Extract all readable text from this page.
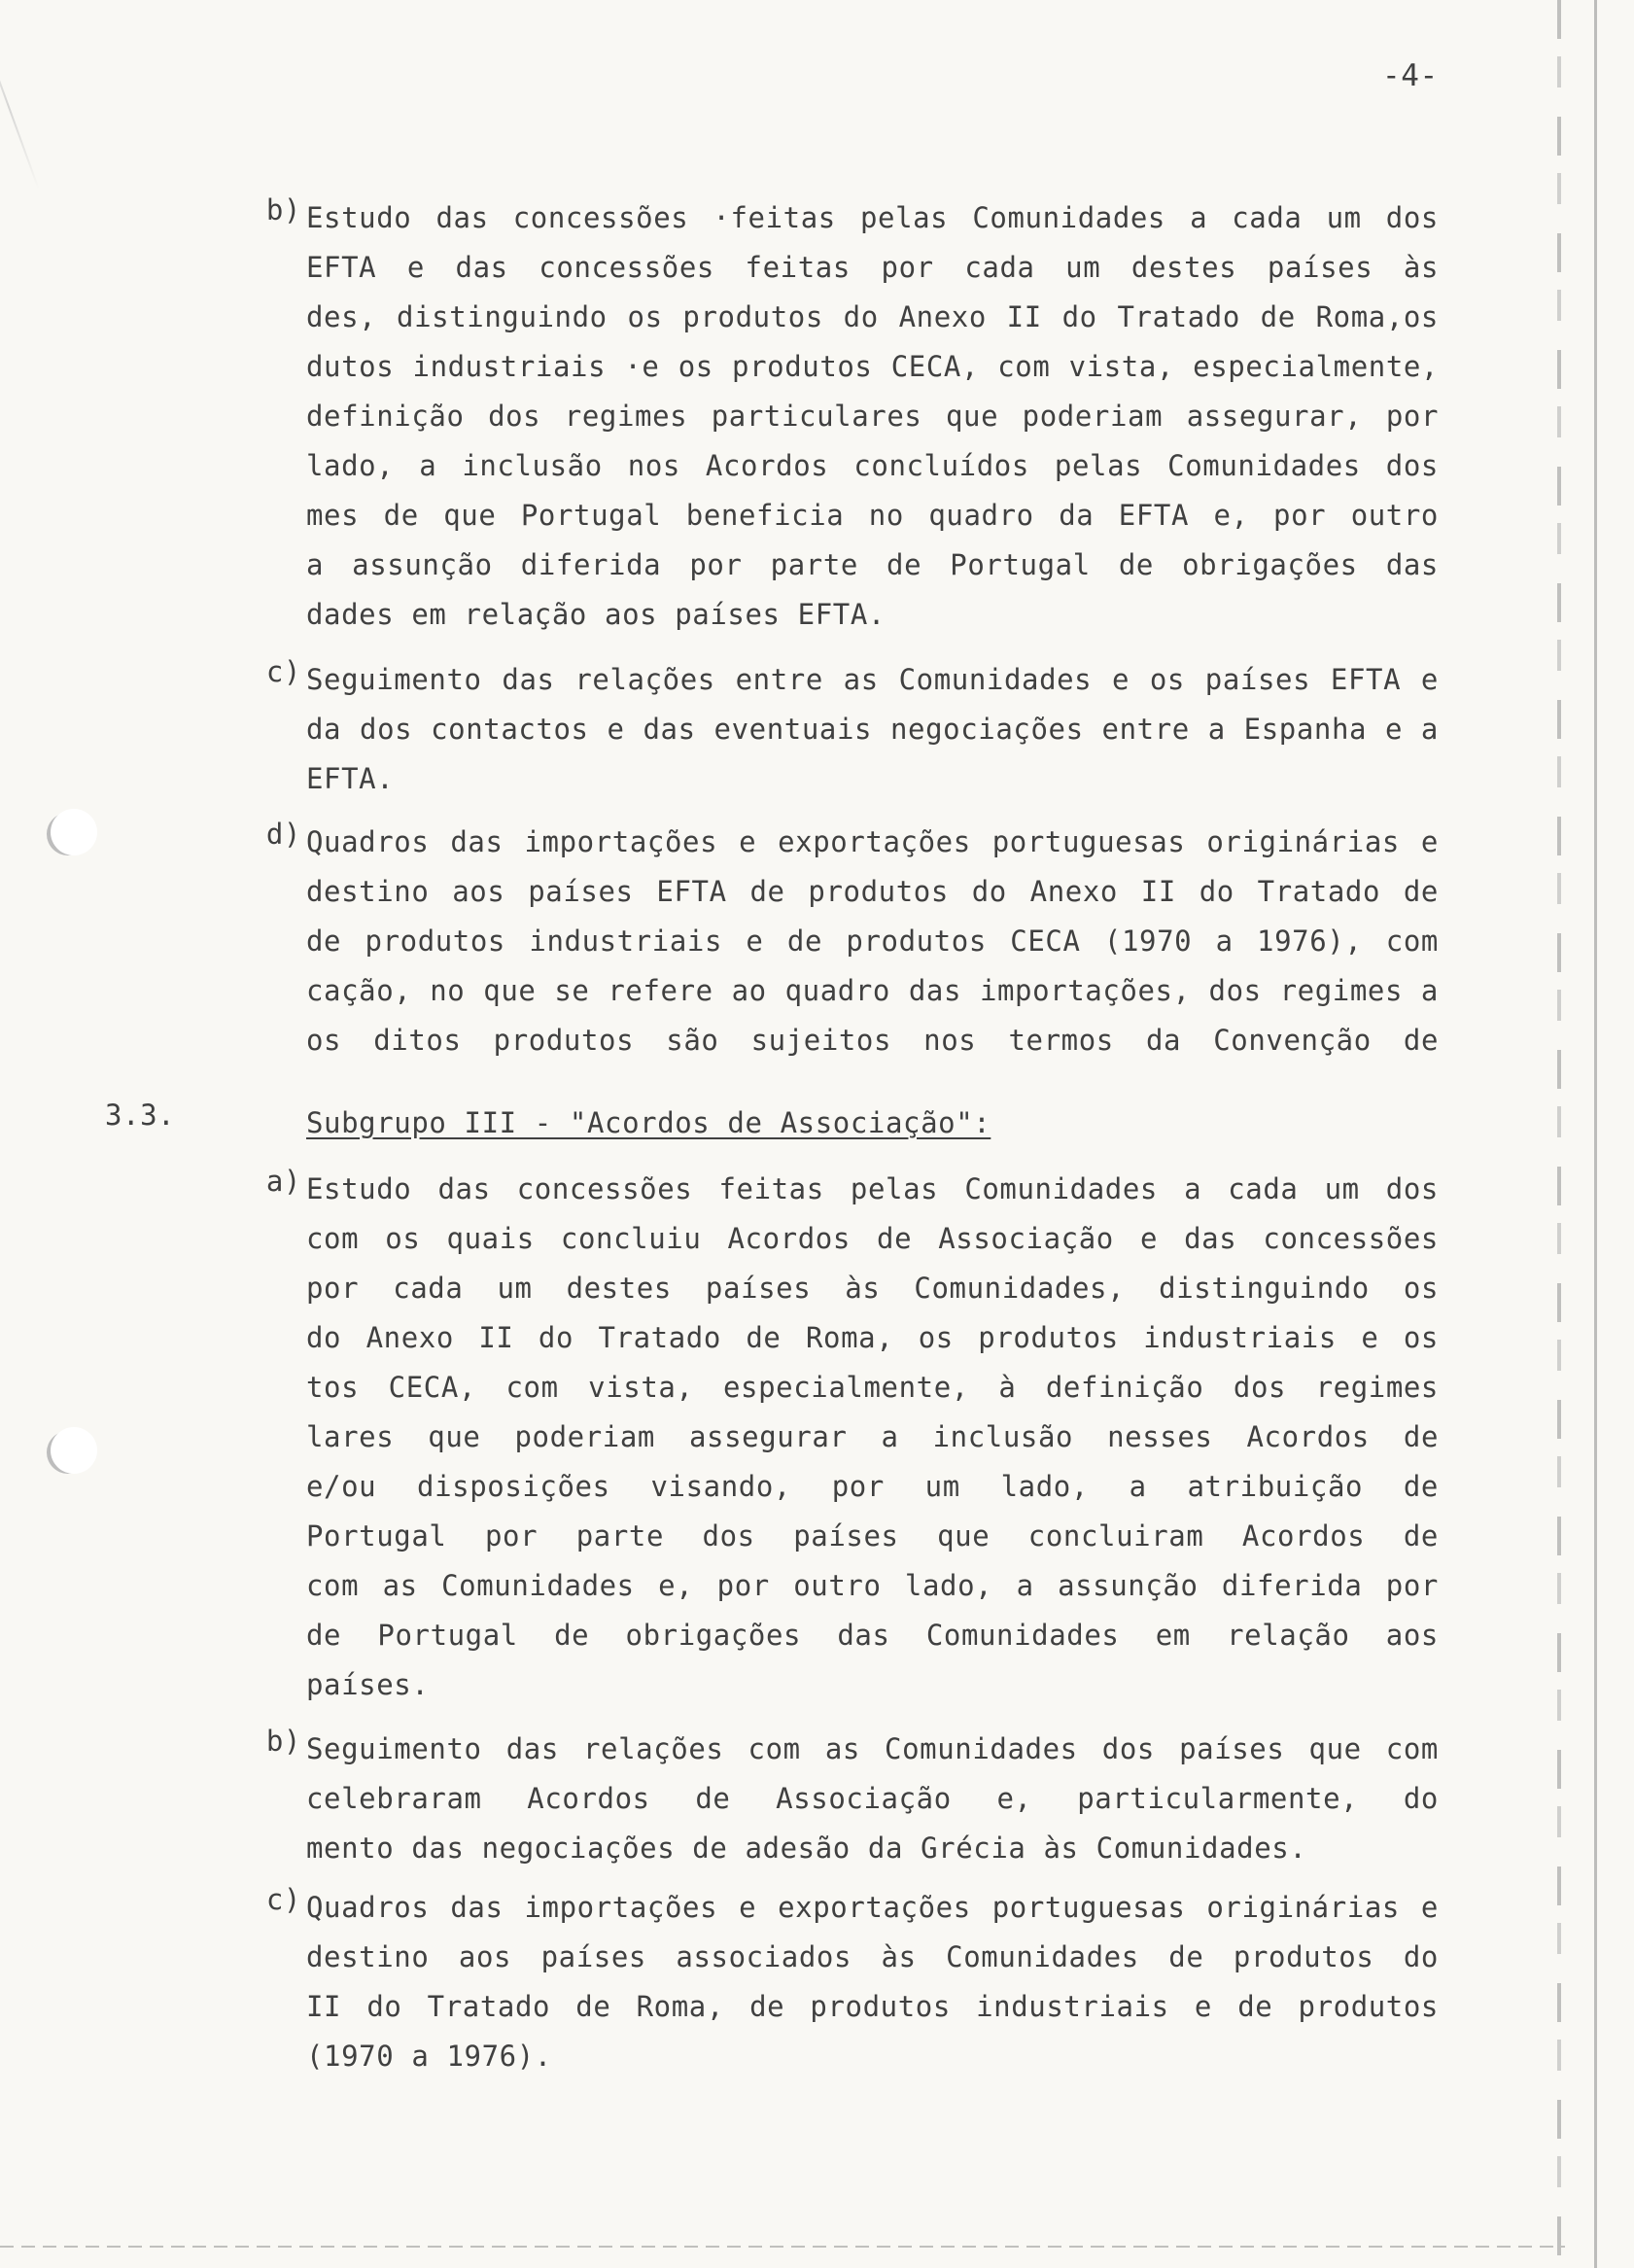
-4-
b) Estudo das concessões ·feitas pelas Comunidades a cada um dos
EFTA e das concessões feitas por cada um destes países às
des, distinguindo os produtos do Anexo II do Tratado de Roma,os
dutos industriais ·e os produtos CECA, com vista, especialmente,
definição dos regimes particulares que poderiam assegurar, por
lado, a inclusão nos Acordos concluídos pelas Comunidades dos
mes de que Portugal beneficia no quadro da EFTA e, por outro
a assunção diferida por parte de Portugal de obrigações das
dades em relação aos países EFTA.
c) Seguimento das relações entre as Comunidades e os países EFTA e
da dos contactos e das eventuais negociações entre a Espanha e a
EFTA.
d) Quadros das importações e exportações portuguesas originárias e
destino aos países EFTA de produtos do Anexo II do Tratado de
de produtos industriais e de produtos CECA (1970 a 1976), com
cação, no que se refere ao quadro das importações, dos regimes a
os ditos produtos são sujeitos nos termos da Convenção de
3.3.	Subgrupo III - "Acordos de Associação":
a) Estudo das concessões feitas pelas Comunidades a cada um dos
com os quais concluiu Acordos de Associação e das concessões
por cada um destes países às Comunidades, distinguindo os
do Anexo II do Tratado de Roma, os produtos industriais e os
tos CECA, com vista, especialmente, à definição dos regimes
lares que poderiam assegurar a inclusão nesses Acordos de
e/ou disposições visando, por um lado, a atribuição de
Portugal por parte dos países que concluiram Acordos de
com as Comunidades e, por outro lado, a assunção diferida por
de Portugal de obrigações das Comunidades em relação aos
países.
b) Seguimento das relações com as Comunidades dos países que com
celebraram Acordos de Associação e, particularmente, do
mento das negociações de adesão da Grécia às Comunidades.
c) Quadros das importações e exportações portuguesas originárias e
destino aos países associados às Comunidades de produtos do
II do Tratado de Roma, de produtos industriais e de produtos
(1970 a 1976).
